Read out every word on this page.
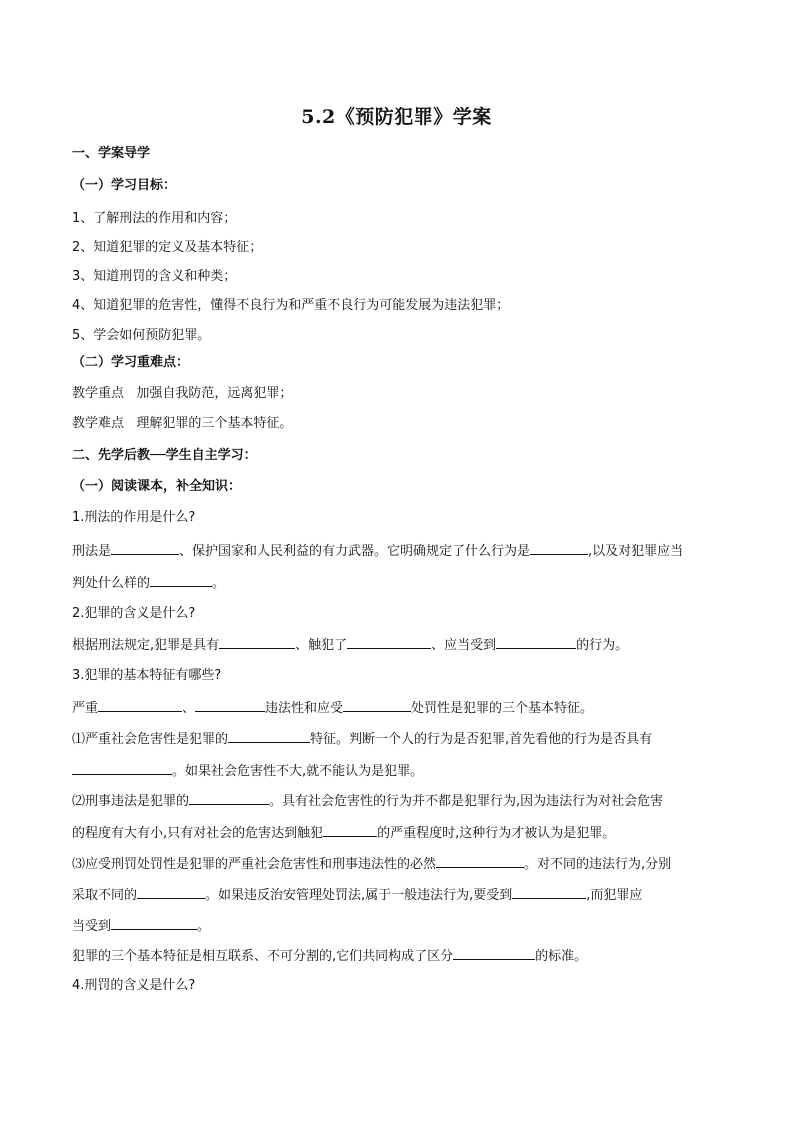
5.2《预防犯罪》学案
一、学案导学
（一）学习目标：
1、了解刑法的作用和内容；
2、知道犯罪的定义及基本特征；
3、知道刑罚的含义和种类；
4、知道犯罪的危害性，懂得不良行为和严重不良行为可能发展为违法犯罪；
5、学会如何预防犯罪。
（二）学习重难点：
教学重点   加强自我防范，远离犯罪；
教学难点   理解犯罪的三个基本特征。
二、先学后教──学生自主学习：
（一）阅读课本，补全知识：
1.刑法的作用是什么?
刑法是	、保护国家和人民利益的有力武器。它明确规定了什么行为是	,以及对犯罪应当
判处什么样的	。
2.犯罪的含义是什么?
根据刑法规定,犯罪是具有	、触犯了	、应当受到	的行为。
3.犯罪的基本特征有哪些?
严重	、	违法性和应受	处罚性是犯罪的三个基本特征。
⑴严重社会危害性是犯罪的	特征。判断一个人的行为是否犯罪,首先看他的行为是否具有
。如果社会危害性不大,就不能认为是犯罪。
⑵刑事违法是犯罪的	。具有社会危害性的行为并不都是犯罪行为,因为违法行为对社会危害
的程度有大有小,只有对社会的危害达到触犯	的严重程度时,这种行为才被认为是犯罪。
⑶应受刑罚处罚性是犯罪的严重社会危害性和刑事违法性的必然	。对不同的违法行为,分别
采取不同的	。如果违反治安管理处罚法,属于一般违法行为,要受到	,而犯罪应
当受到	。
犯罪的三个基本特征是相互联系、不可分割的,它们共同构成了区分	的标准。
4.刑罚的含义是什么?
